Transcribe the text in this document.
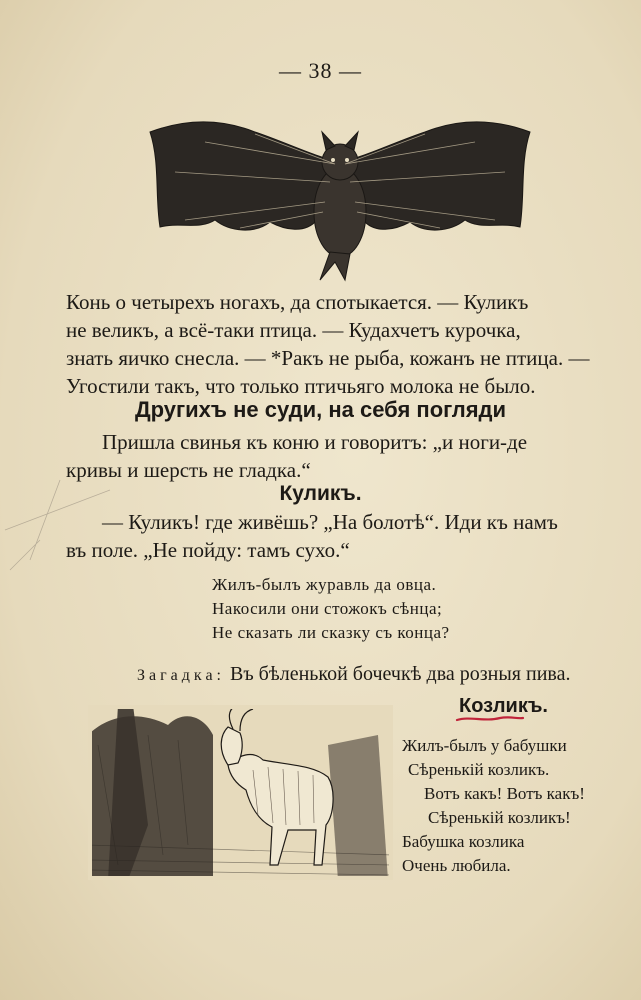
— 38 —
Конь о четырехъ ногахъ, да спотыкается. — Куликъ
не великъ, а всё-таки птица. — Кудахчетъ курочка,
знать яичко снесла. — *Ракъ не рыба, кожанъ не птица. —
Угостили такъ, что только птичьяго молока не было.
Другихъ не суди, на себя погляди
Пришла свинья къ коню и говоритъ: „и ноги-де
кривы и шерсть не гладка.“
Куликъ.
— Куликъ! где живёшь? „На болотѣ“. Иди къ намъ
въ поле. „Не пойду: тамъ сухо.“
Жилъ-былъ журавль да овца.
Накосили они стожокъ сѣнца;
Не сказать ли сказку съ конца?
Загадка: Въ бѣленькой бочечкѣ два розныя пива.
Козликъ.
Жилъ-былъ у бабушки
Сѣренькій козликъ.
Вотъ какъ! Вотъ какъ!
Сѣренькій козликъ!
Бабушка козлика
Очень любила.
